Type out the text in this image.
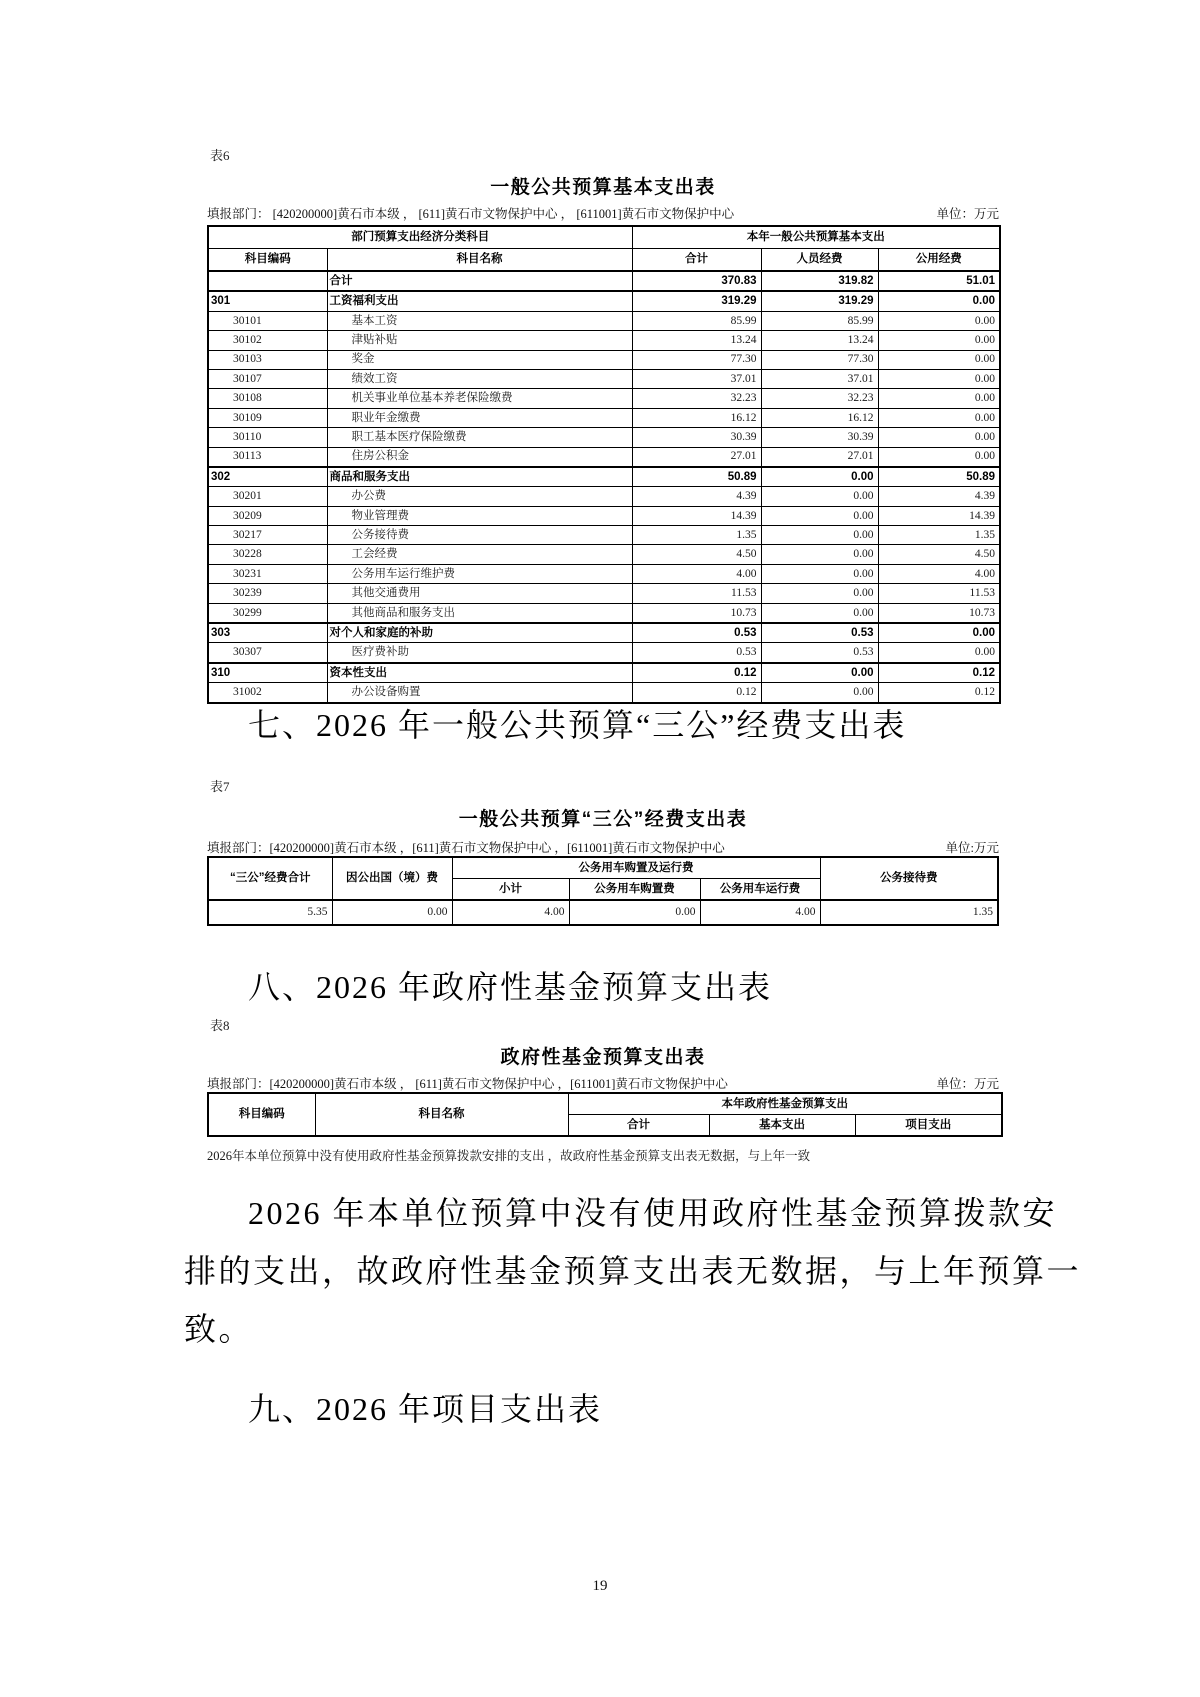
表6
一般公共预算基本支出表
填报部门： [420200000]黄石市本级 ， [611]黄石市文物保护中心 ， [611001]黄石市文物保护中心	单位：万元
部门预算支出经济分类科目		本年一般公共预算基本支出		
科目编码	科目名称	合计	人员经费	公用经费
	合计	370.83	319.82	51.01
301	工资福利支出	319.29	319.29	0.00
30101	基本工资	85.99	85.99	0.00
30102	津贴补贴	13.24	13.24	0.00
30103	奖金	77.30	77.30	0.00
30107	绩效工资	37.01	37.01	0.00
30108	机关事业单位基本养老保险缴费	32.23	32.23	0.00
30109	职业年金缴费	16.12	16.12	0.00
30110	职工基本医疗保险缴费	30.39	30.39	0.00
30113	住房公积金	27.01	27.01	0.00
302	商品和服务支出	50.89	0.00	50.89
30201	办公费	4.39	0.00	4.39
30209	物业管理费	14.39	0.00	14.39
30217	公务接待费	1.35	0.00	1.35
30228	工会经费	4.50	0.00	4.50
30231	公务用车运行维护费	4.00	0.00	4.00
30239	其他交通费用	11.53	0.00	11.53
30299	其他商品和服务支出	10.73	0.00	10.73
303	对个人和家庭的补助	0.53	0.53	0.00
30307	医疗费补助	0.53	0.53	0.00
310	资本性支出	0.12	0.00	0.12
31002	办公设备购置	0.12	0.00	0.12
七、2026 年一般公共预算“三公”经费支出表
表7
一般公共预算“三公”经费支出表
填报部门：[420200000]黄石市本级 ，[611]黄石市文物保护中心 ，[611001]黄石市文物保护中心	单位:万元
“三公”经费合计	因公出国（境）费	公务用车购置及运行费			公务接待费
		小计	公务用车购置费	公务用车运行费	
5.35	0.00	4.00	0.00	4.00	1.35
八、2026 年政府性基金预算支出表
表8
政府性基金预算支出表
填报部门：[420200000]黄石市本级 ， [611]黄石市文物保护中心 ，[611001]黄石市文物保护中心	单位：万元
科目编码	科目名称	本年政府性基金预算支出		
		合计	基本支出	项目支出
2026年本单位预算中没有使用政府性基金预算拨款安排的支出 ，故政府性基金预算支出表无数据，与上年一致
2026 年本单位预算中没有使用政府性基金预算拨款安
排的支出，故政府性基金预算支出表无数据，与上年预算一
致。
九、2026 年项目支出表
19
